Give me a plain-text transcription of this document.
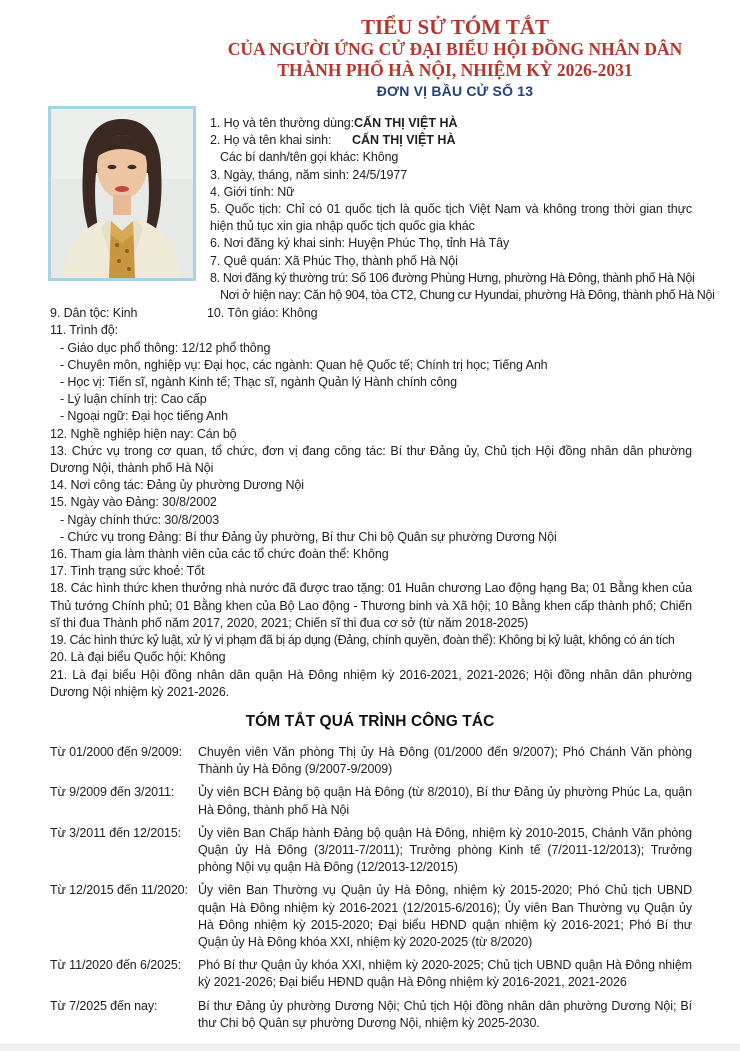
TIỂU SỬ TÓM TẮT
CỦA NGƯỜI ỨNG CỬ ĐẠI BIỂU HỘI ĐỒNG NHÂN DÂN
THÀNH PHỐ HÀ NỘI, NHIỆM KỲ 2026-2031
ĐƠN VỊ BẦU CỬ SỐ 13
1. Họ và tên thường dùng:CẤN THỊ VIỆT HÀ
2. Họ và tên khai sinh:CẤN THỊ VIỆT HÀ
Các bí danh/tên gọi khác: Không
3. Ngày, tháng, năm sinh: 24/5/1977
4. Giới tính: Nữ
5. Quốc tịch: Chỉ có 01 quốc tịch là quốc tịch Việt Nam và không trong thời gian thực hiện thủ tục xin gia nhập quốc tịch quốc gia khác
6. Nơi đăng ký khai sinh: Huyện Phúc Thọ, tỉnh Hà Tây
7. Quê quán: Xã Phúc Thọ, thành phố Hà Nội
8. Nơi đăng ký thường trú: Số 106 đường Phùng Hưng, phường Hà Đông, thành phố Hà Nội
Nơi ở hiện nay: Căn hộ 904, tòa CT2, Chung cư Hyundai, phường Hà Đông, thành phố Hà Nội
9. Dân tộc: Kinh	10. Tôn giáo: Không
11. Trình độ:
- Giáo dục phổ thông: 12/12 phổ thông
- Chuyên môn, nghiệp vụ: Đại học, các ngành: Quan hệ Quốc tế; Chính trị học; Tiếng Anh
- Học vị: Tiến sĩ, ngành Kinh tế; Thạc sĩ, ngành Quản lý Hành chính công
- Lý luận chính trị: Cao cấp
- Ngoại ngữ: Đại học tiếng Anh
12. Nghề nghiệp hiện nay: Cán bộ
13. Chức vụ trong cơ quan, tổ chức, đơn vị đang công tác: Bí thư Đảng ủy, Chủ tịch Hội đồng nhân dân phường Dương Nội, thành phố Hà Nội
14. Nơi công tác: Đảng ủy phường Dương Nội
15. Ngày vào Đảng: 30/8/2002
- Ngày chính thức: 30/8/2003
- Chức vụ trong Đảng: Bí thư Đảng ủy phường, Bí thư Chi bộ Quân sự phường Dương Nội
16. Tham gia làm thành viên của các tổ chức đoàn thể: Không
17. Tình trạng sức khoẻ: Tốt
18. Các hình thức khen thưởng nhà nước đã được trao tặng: 01 Huân chương Lao động hạng Ba; 01 Bằng khen của Thủ tướng Chính phủ; 01 Bằng khen của Bộ Lao động - Thương binh và Xã hội; 10 Bằng khen cấp thành phố; Chiến sĩ thi đua Thành phố năm 2017, 2020, 2021; Chiến sĩ thi đua cơ sở (từ năm 2018-2025)
19. Các hình thức kỷ luật, xử lý vi phạm đã bị áp dụng (Đảng, chính quyền, đoàn thể): Không bị kỷ luật, không có án tích
20. Là đại biểu Quốc hội: Không
21. Là đại biểu Hội đồng nhân dân quận Hà Đông nhiệm kỳ 2016-2021, 2021-2026; Hội đồng nhân dân phường Dương Nội nhiệm kỳ 2021-2026.
TÓM TẮT QUÁ TRÌNH CÔNG TÁC
Từ 01/2000 đến 9/2009:	Chuyên viên Văn phòng Thị ủy Hà Đông (01/2000 đến 9/2007); Phó Chánh Văn phòng Thành ủy Hà Đông (9/2007-9/2009)
Từ 9/2009 đến 3/2011:	Ủy viên BCH Đảng bộ quận Hà Đông (từ 8/2010), Bí thư Đảng ủy phường Phúc La, quận Hà Đông, thành phố Hà Nội
Từ 3/2011 đến 12/2015:	Ủy viên Ban Chấp hành Đảng bộ quận Hà Đông, nhiệm kỳ 2010-2015, Chánh Văn phòng Quận ủy Hà Đông (3/2011-7/2011); Trưởng phòng Kinh tế (7/2011-12/2013); Trưởng phòng Nội vụ quận Hà Đông (12/2013-12/2015)
Từ 12/2015 đến 11/2020: Ủy viên Ban Thường vụ Quận ủy Hà Đông, nhiệm kỳ 2015-2020; Phó Chủ tịch UBND quận Hà Đông nhiệm kỳ 2016-2021 (12/2015-6/2016); Ủy viên Ban Thường vụ Quận ủy Hà Đông nhiệm kỳ 2015-2020; Đại biểu HĐND quận nhiệm kỳ 2016-2021; Phó Bí thư Quận ủy Hà Đông khóa XXI, nhiệm kỳ 2020-2025 (từ 8/2020)
Từ 11/2020 đến 6/2025:	Phó Bí thư Quận ủy khóa XXI, nhiệm kỳ 2020-2025; Chủ tịch UBND quận Hà Đông nhiệm kỳ 2021-2026; Đại biểu HĐND quận Hà Đông nhiệm kỳ 2016-2021, 2021-2026
Từ 7/2025 đến nay:	Bí thư Đảng ủy phường Dương Nội; Chủ tịch Hội đồng nhân dân phường Dương Nội; Bí thư Chi bộ Quân sự phường Dương Nội, nhiệm kỳ 2025-2030.
